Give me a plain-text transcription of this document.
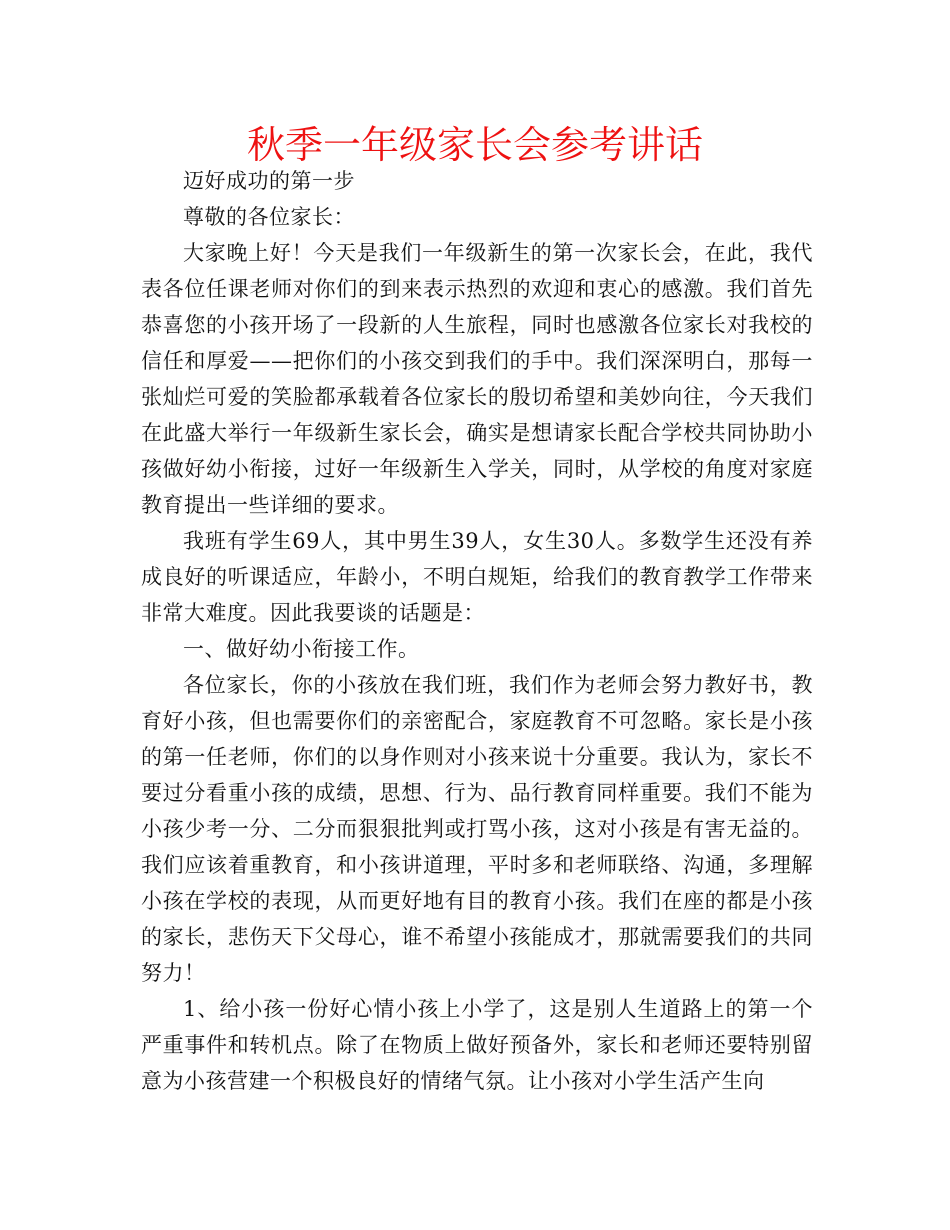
秋季一年级家长会参考讲话

迈好成功的第一步

尊敬的各位家长：

大家晚上好！今天是我们一年级新生的第一次家长会，在此，我代表各位任课老师对你们的到来表示热烈的欢迎和衷心的感激。我们首先恭喜您的小孩开场了一段新的人生旅程，同时也感激各位家长对我校的信任和厚爱——把你们的小孩交到我们的手中。我们深深明白，那每一张灿烂可爱的笑脸都承载着各位家长的殷切希望和美妙向往，今天我们在此盛大举行一年级新生家长会，确实是想请家长配合学校共同协助小孩做好幼小衔接，过好一年级新生入学关，同时，从学校的角度对家庭教育提出一些详细的要求。

我班有学生69人，其中男生39人，女生30人。多数学生还没有养成良好的听课适应，年龄小，不明白规矩，给我们的教育教学工作带来非常大难度。因此我要谈的话题是：

一、做好幼小衔接工作。

各位家长，你的小孩放在我们班，我们作为老师会努力教好书，教育好小孩，但也需要你们的亲密配合，家庭教育不可忽略。家长是小孩的第一任老师，你们的以身作则对小孩来说十分重要。我认为，家长不要过分看重小孩的成绩，思想、行为、品行教育同样重要。我们不能为小孩少考一分、二分而狠狠批判或打骂小孩，这对小孩是有害无益的。我们应该着重教育，和小孩讲道理，平时多和老师联络、沟通，多理解小孩在学校的表现，从而更好地有目的教育小孩。我们在座的都是小孩的家长，悲伤天下父母心，谁不希望小孩能成才，那就需要我们的共同努力！

1、给小孩一份好心情小孩上小学了，这是别人生道路上的第一个严重事件和转机点。除了在物质上做好预备外，家长和老师还要特别留意为小孩营建一个积极良好的情绪气氛。让小孩对小学生活产生向
